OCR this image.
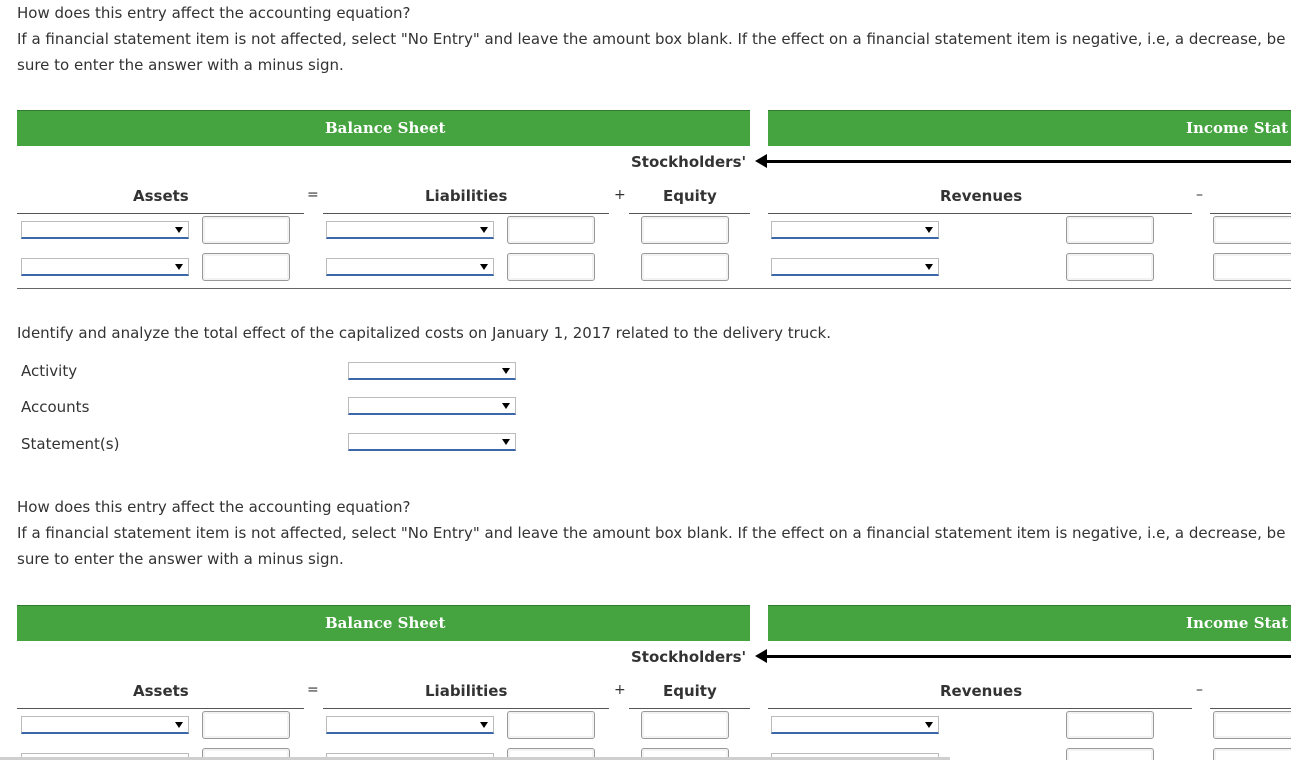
How does this entry affect the accounting equation?
If a financial statement item is not affected, select "No Entry" and leave the amount box blank. If the effect on a financial statement item is negative, i.e, a decrease, be sure to enter the answer with a minus sign.
Balance Sheet	Income Stat
Stockholders'
Assets	=	Liabilities	+ Equity	Revenues	–
Identify and analyze the total effect of the capitalized costs on January 1, 2017 related to the delivery truck.
Activity
Accounts
Statement(s)
How does this entry affect the accounting equation?
If a financial statement item is not affected, select "No Entry" and leave the amount box blank. If the effect on a financial statement item is negative, i.e, a decrease, be sure to enter the answer with a minus sign.
Balance Sheet	Income Stat
Stockholders'
Assets	=	Liabilities	+ Equity	Revenues	–
